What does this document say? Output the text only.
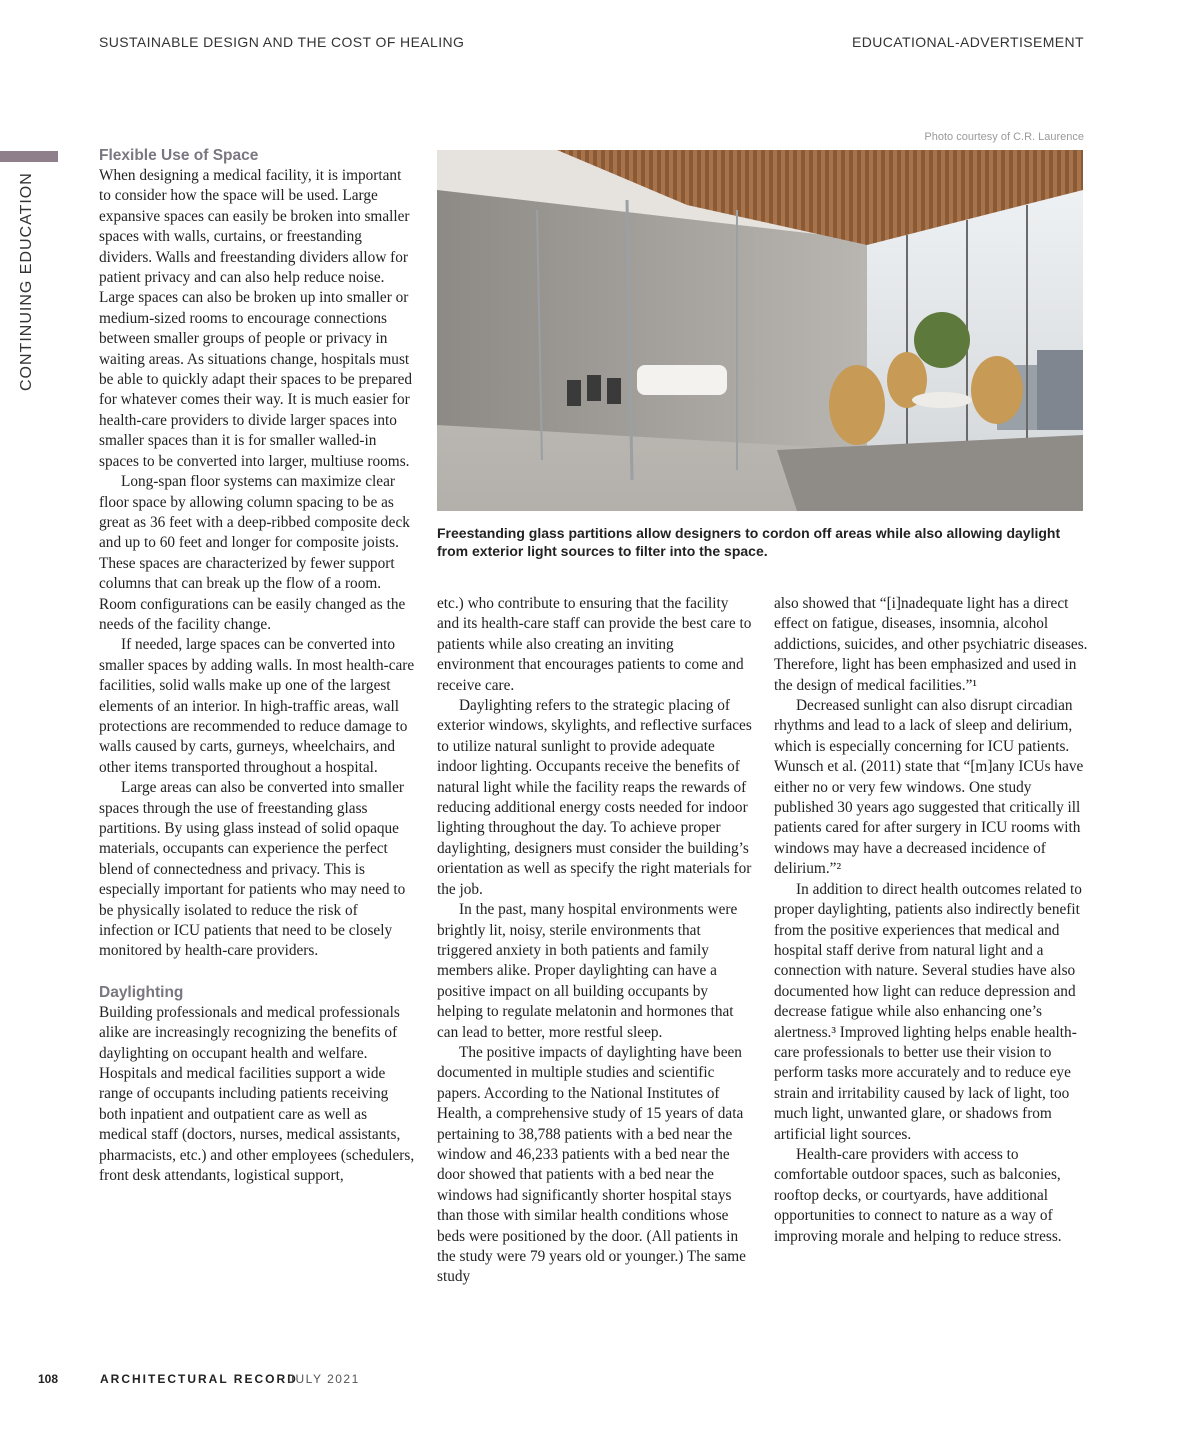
SUSTAINABLE DESIGN AND THE COST OF HEALING	EDUCATIONAL-ADVERTISEMENT
CONTINUING EDUCATION
Photo courtesy of C.R. Laurence
Freestanding glass partitions allow designers to cordon off areas while also allowing daylight from exterior light sources to filter into the space.
Flexible Use of Space

When designing a medical facility, it is important to consider how the space will be used. Large expansive spaces can easily be broken into smaller spaces with walls, curtains, or freestanding dividers. Walls and freestanding dividers allow for patient privacy and can also help reduce noise. Large spaces can also be broken up into smaller or medium-sized rooms to encourage connections between smaller groups of people or privacy in waiting areas. As situations change, hospitals must be able to quickly adapt their spaces to be prepared for whatever comes their way. It is much easier for health-care providers to divide larger spaces into smaller spaces than it is for smaller walled-in spaces to be converted into larger, multiuse rooms.

Long-span floor systems can maximize clear floor space by allowing column spacing to be as great as 36 feet with a deep-ribbed composite deck and up to 60 feet and longer for composite joists. These spaces are characterized by fewer support columns that can break up the flow of a room. Room configurations can be easily changed as the needs of the facility change.

If needed, large spaces can be converted into smaller spaces by adding walls. In most health-care facilities, solid walls make up one of the largest elements of an interior. In high-traffic areas, wall protections are recommended to reduce damage to walls caused by carts, gurneys, wheelchairs, and other items transported throughout a hospital.

Large areas can also be converted into smaller spaces through the use of freestanding glass partitions. By using glass instead of solid opaque materials, occupants can experience the perfect blend of connectedness and privacy. This is especially important for patients who may need to be physically isolated to reduce the risk of infection or ICU patients that need to be closely monitored by health-care providers.

Daylighting

Building professionals and medical professionals alike are increasingly recognizing the benefits of daylighting on occupant health and welfare. Hospitals and medical facilities support a wide range of occupants including patients receiving both inpatient and outpatient care as well as medical staff (doctors, nurses, medical assistants, pharmacists, etc.) and other employees (schedulers, front desk attendants, logistical support,

etc.) who contribute to ensuring that the facility and its health-care staff can provide the best care to patients while also creating an inviting environment that encourages patients to come and receive care.

Daylighting refers to the strategic placing of exterior windows, skylights, and reflective surfaces to utilize natural sunlight to provide adequate indoor lighting. Occupants receive the benefits of natural light while the facility reaps the rewards of reducing additional energy costs needed for indoor lighting throughout the day. To achieve proper daylighting, designers must consider the building’s orientation as well as specify the right materials for the job.

In the past, many hospital environments were brightly lit, noisy, sterile environments that triggered anxiety in both patients and family members alike. Proper daylighting can have a positive impact on all building occupants by helping to regulate melatonin and hormones that can lead to better, more restful sleep.

The positive impacts of daylighting have been documented in multiple studies and scientific papers. According to the National Institutes of Health, a comprehensive study of 15 years of data pertaining to 38,788 patients with a bed near the window and 46,233 patients with a bed near the door showed that patients with a bed near the windows had significantly shorter hospital stays than those with similar health conditions whose beds were positioned by the door. (All patients in the study were 79 years old or younger.) The same study

also showed that “[i]nadequate light has a direct effect on fatigue, diseases, insomnia, alcohol addictions, suicides, and other psychiatric diseases. Therefore, light has been emphasized and used in the design of medical facilities.”¹

Decreased sunlight can also disrupt circadian rhythms and lead to a lack of sleep and delirium, which is especially concerning for ICU patients. Wunsch et al. (2011) state that “[m]any ICUs have either no or very few windows. One study published 30 years ago suggested that critically ill patients cared for after surgery in ICU rooms with windows may have a decreased incidence of delirium.”²

In addition to direct health outcomes related to proper daylighting, patients also indirectly benefit from the positive experiences that medical and hospital staff derive from natural light and a connection with nature. Several studies have also documented how light can reduce depression and decrease fatigue while also enhancing one’s alertness.³ Improved lighting helps enable health-care professionals to better use their vision to perform tasks more accurately and to reduce eye strain and irritability caused by lack of light, too much light, unwanted glare, or shadows from artificial light sources.

Health-care providers with access to comfortable outdoor spaces, such as balconies, rooftop decks, or courtyards, have additional opportunities to connect to nature as a way of improving morale and helping to reduce stress.

108	ARCHITECTURAL RECORD
JULY 2021
